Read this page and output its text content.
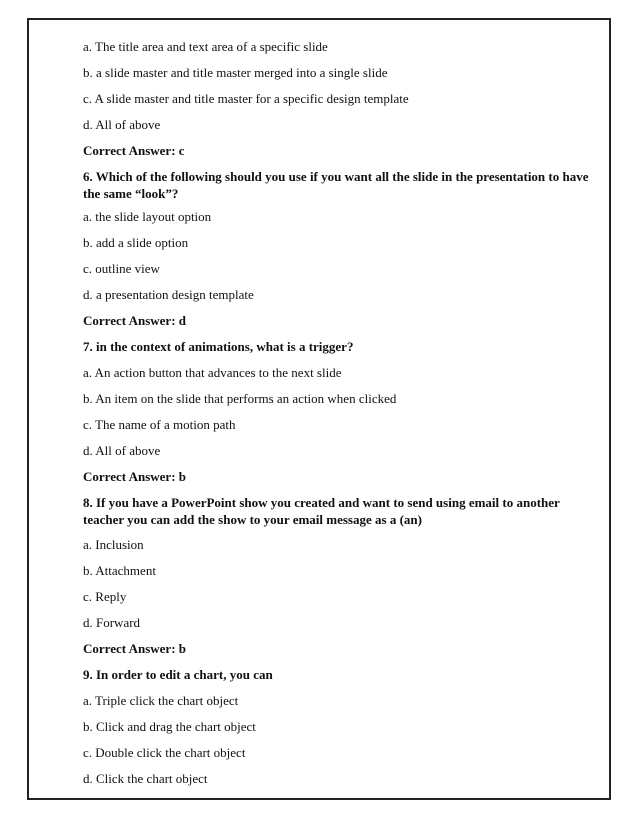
a. The title area and text area of a specific slide
b. a slide master and title master merged into a single slide
c. A slide master and title master for a specific design template
d. All of above
Correct Answer: c
6. Which of the following should you use if you want all the slide in the presentation to have the same “look”?
a. the slide layout option
b. add a slide option
c. outline view
d. a presentation design template
Correct Answer: d
7. in the context of animations, what is a trigger?
a. An action button that advances to the next slide
b. An item on the slide that performs an action when clicked
c. The name of a motion path
d. All of above
Correct Answer: b
8. If you have a PowerPoint show you created and want to send using email to another teacher you can add the show to your email message as a (an)
a. Inclusion
b. Attachment
c. Reply
d. Forward
Correct Answer: b
9. In order to edit a chart, you can
a. Triple click the chart object
b. Click and drag the chart object
c. Double click the chart object
d. Click the chart object
